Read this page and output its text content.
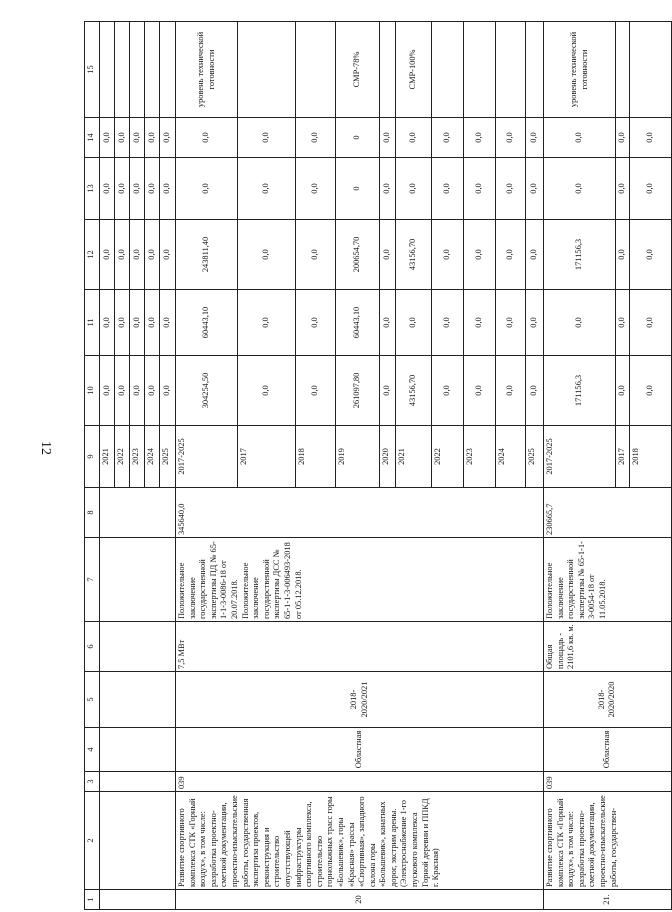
12
1	2	3	4	5	6	7	8	9	10	11	12	13	14	15
								2021	0,0	0,0	0,0	0,0	0,0	
								2022	0,0	0,0	0,0	0,0	0,0	
								2023	0,0	0,0	0,0	0,0	0,0	
								2024	0,0	0,0	0,0	0,0	0,0	
								2025	0,0	0,0	0,0	0,0	0,0	
20	Развитие спортивного комплекса СТК «Горный воздух», в том числе: разработка проектно-сметной документации, проектно-изыскательские работы, государственная экспертиза проектов, реконструкция и строительство опустствующей инфраструктуры спортивного комплекса, строительство горнолыжных трасс горы «Большевик», горы «Красная» трассы «Спортивная», западного склона горы «Большевик», канатных дорог, экстрим арены. (Электроснабжение 1-го пускового комплекса Горной деревни и ППКД г. Красная)	039	Областная	2018-2020/2021	7,5 МВт	Положительное заключение государственной экспертизы ПД № 65-1-1-3-0086-18 от 20.07.2018. Положительное заключение государственной экспертизы ДСС № 65-1-1-3-006493-2018 от 05.12.2018.	345640,0	2017-2025	304254,50	60443,10	243811,40	0,0	0,0	уровень технической готовности
								2017	0,0	0,0	0,0	0,0	0,0	
								2018	0,0	0,0	0,0	0,0	0,0	
								2019	261097,80	60443,10	200654,70	0	0	СМР-78%
								2020	0,0	0,0	0,0	0,0	0,0	
								2021	43156,70	0,0	43156,70	0,0	0,0	СМР-100%
								2022	0,0	0,0	0,0	0,0	0,0	
								2023	0,0	0,0	0,0	0,0	0,0	
								2024	0,0	0,0	0,0	0,0	0,0	
								2025	0,0	0,0	0,0	0,0	0,0	
21.	Развитие спортивного комплекса СТК «Горный воздух», в том числе: разработка проектно-сметной документации, проектно-изыскательские работы, государствен-	039	Областная	2018-2020/2020	Общая площадь - 2101,6 кв. м.	Положительное заключение государственной экспертизы № 65-1-1-3-0054-18 от 11.05.2018.	230665,7	2017-2025	171156,3	0,0	171156,3	0,0	0,0	уровень технической готовности
								2017	0,0	0,0	0,0	0,0	0,0	
								2018	0,0	0,0	0,0	0,0	0,0	
